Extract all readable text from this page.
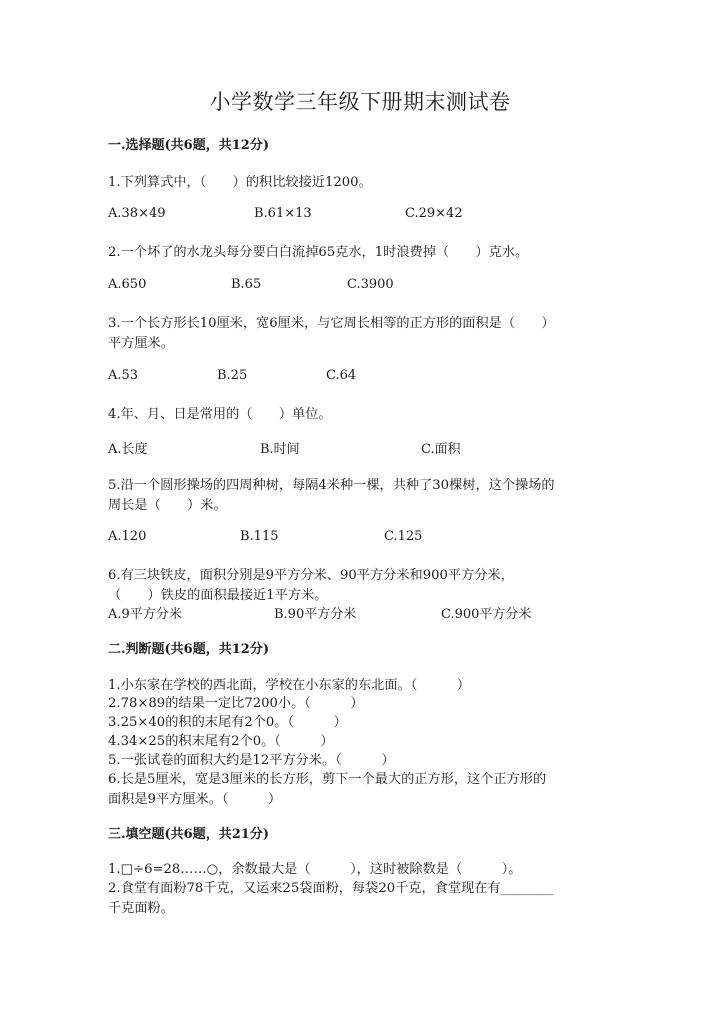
小学数学三年级下册期末测试卷
一.选择题(共6题，共12分)
1.下列算式中，（　　）的积比较接近1200。
A.38×49	B.61×13	C.29×42
2.一个坏了的水龙头每分要白白流掉65克水，1时浪费掉（　　）克水。
A.650	B.65	C.3900
3.一个长方形长10厘米，宽6厘米，与它周长相等的正方形的面积是（　　）
平方厘米。
A.53	B.25	C.64
4.年、月、日是常用的（　　）单位。
A.长度	B.时间	C.面积
5.沿一个圆形操场的四周种树，每隔4米种一棵，共种了30棵树，这个操场的
周长是（　　）米。
A.120	B.115	C.125
6.有三块铁皮，面积分别是9平方分米、90平方分米和900平方分米，
（　　）铁皮的面积最接近1平方米。
A.9平方分米	B.90平方分米	C.900平方分米
二.判断题(共6题，共12分)
1.小东家在学校的西北面，学校在小东家的东北面。（　　　）
2.78×89的结果一定比7200小。（　　　）
3.25×40的积的末尾有2个0。（　　　）
4.34×25的积末尾有2个0。（　　　）
5.一张试卷的面积大约是12平方分米。（　　　）
6.长是5厘米，宽是3厘米的长方形，剪下一个最大的正方形，这个正方形的
面积是9平方厘米。（　　　）
三.填空题(共6题，共21分)
1.□÷6=28……○，余数最大是（　　　），这时被除数是（　　　）。
2.食堂有面粉78千克，又运来25袋面粉，每袋20千克，食堂现在有________
千克面粉。
